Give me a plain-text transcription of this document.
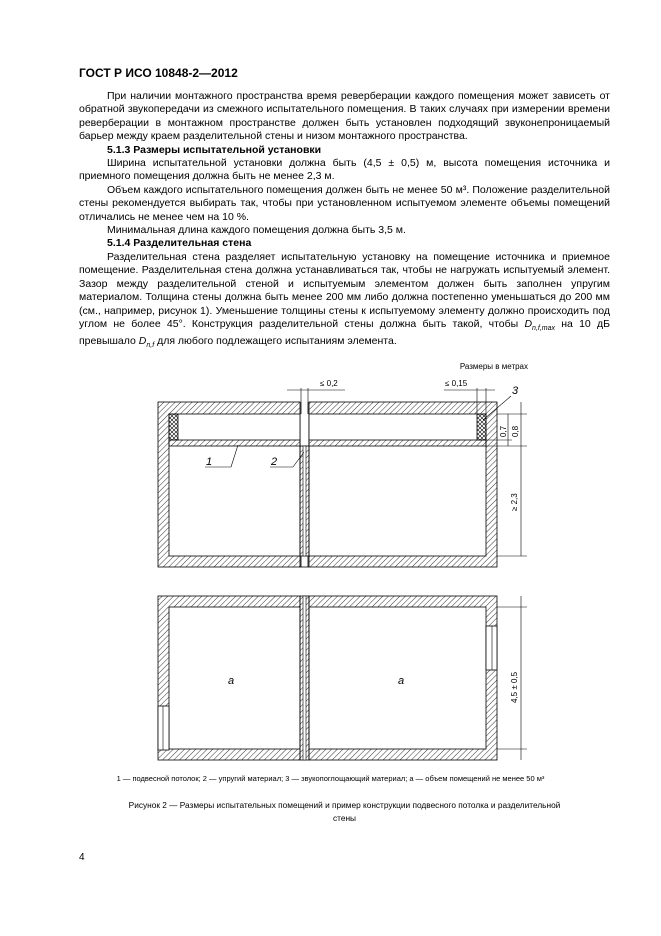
ГОСТ Р ИСО 10848-2—2012

При наличии монтажного пространства время реверберации каждого помещения может зависеть от обратной звукопередачи из смежного испытательного помещения. В таких случаях при измерении времени реверберации в монтажном пространстве должен быть установлен подходящий звуконепроницаемый барьер между краем разделительной стены и низом монтажного пространства.

5.1.3 Размеры испытательной установки

Ширина испытательной установки должна быть (4,5 ± 0,5) м, высота помещения источника и приемного помещения должна быть не менее 2,3 м.

Объем каждого испытательного помещения должен быть не менее 50 м³. Положение разделительной стены рекомендуется выбирать так, чтобы при установленном испытуемом элементе объемы помещений отличались не менее чем на 10 %.

Минимальная длина каждого помещения должна быть 3,5 м.

5.1.4 Разделительная стена

Разделительная стена разделяет испытательную установку на помещение источника и приемное помещение. Разделительная стена должна устанавливаться так, чтобы не нагружать испытуемый элемент. Зазор между разделительной стеной и испытуемым элементом должен быть заполнен упругим материалом. Толщина стены должна быть менее 200 мм либо должна постепенно уменьшаться до 200 мм (см., например, рисунок 1). Уменьшение толщины стены к испытуемому элементу должно происходить под углом не более 45°. Конструкция разделительной стены должна быть такой, чтобы $D_{n,f,max}$ на 10 дБ превышало $D_{n,f}$ для любого подлежащего испытаниям элемента.

Размеры в метрах
≤ 0,2	≤ 0,15
3
0,7 0,8
≥ 2,3
1	2
a	a	4,5 ± 0,5
1 — подвесной потолок; 2 — упругий материал; 3 — звукопоглощающий материал; a — объем помещений не менее 50 м³
Рисунок 2 — Размеры испытательных помещений и пример конструкции подвесного потолка и разделительной
стены
4
